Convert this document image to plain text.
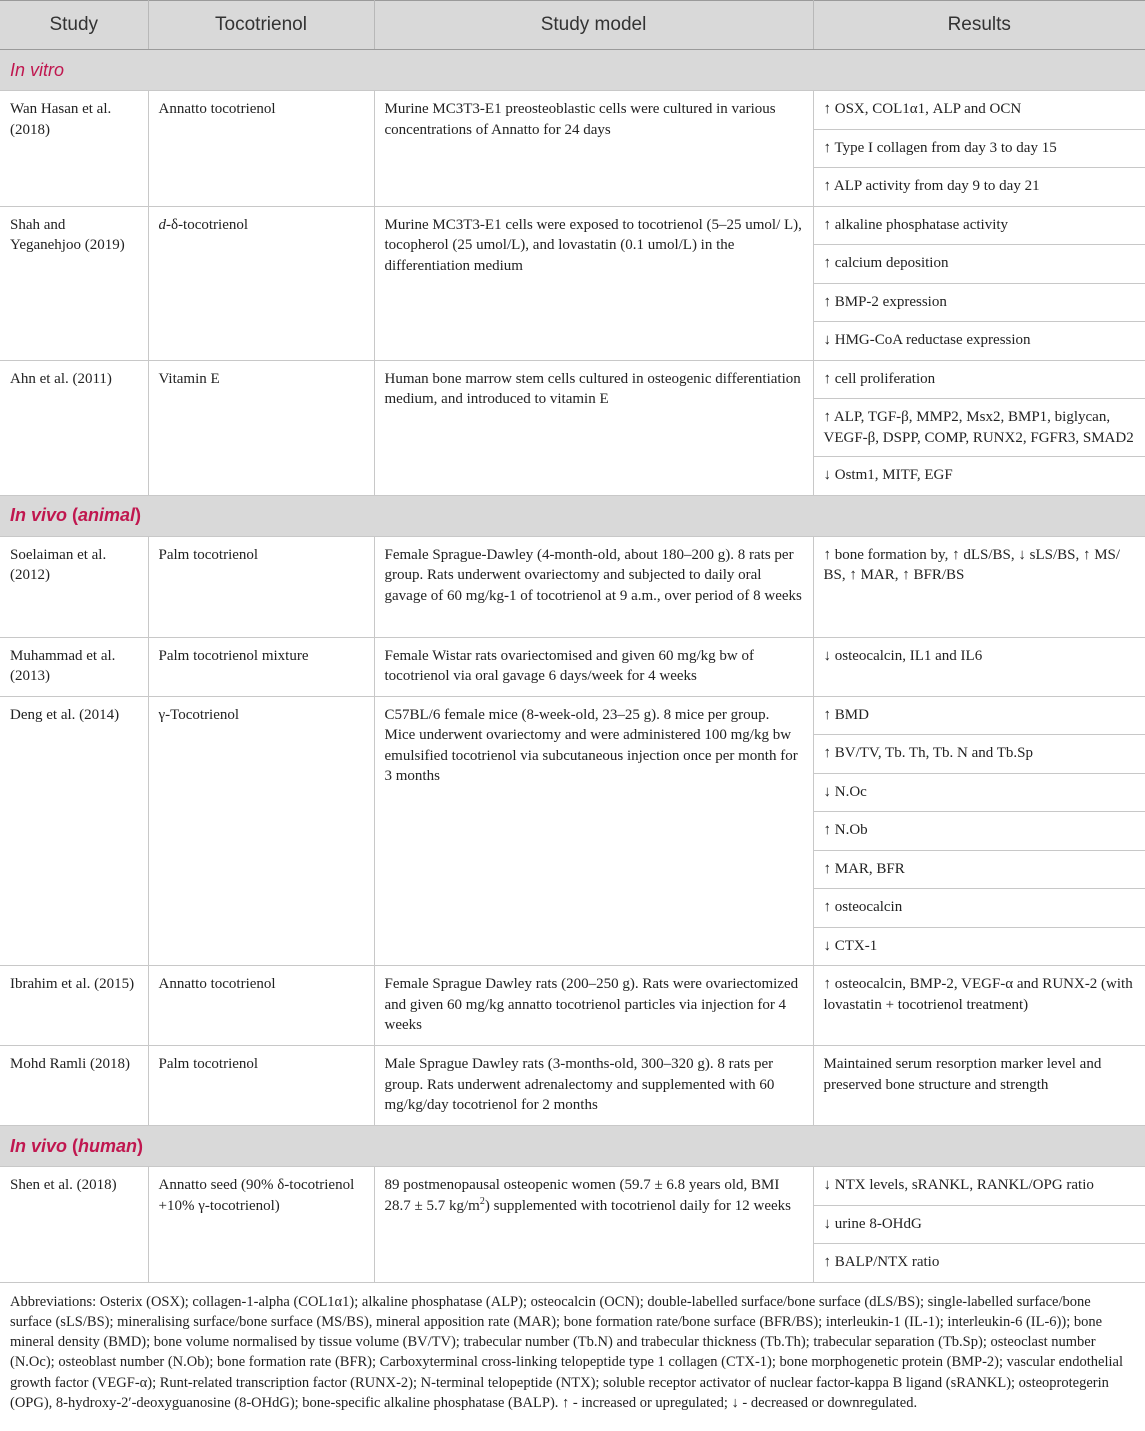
Study	Tocotrienol	Study model	Results
In vitro			
Wan Hasan et al. (2018)	Annatto tocotrienol	Murine MC3T3-E1 preosteoblastic cells were cultured in various concentrations of Annatto for 24 days	↑ OSX, COL1α1, ALP and OCN
			↑ Type I collagen from day 3 to day 15
			↑ ALP activity from day 9 to day 21
Shah and Yeganehjoo (2019)	d-δ-tocotrienol	Murine MC3T3-E1 cells were exposed to tocotrienol (5–25 umol/ L), tocopherol (25 umol/L), and lovastatin (0.1 umol/L) in the differentiation medium	↑ alkaline phosphatase activity
			↑ calcium deposition
			↑ BMP-2 expression
			↓ HMG-CoA reductase expression
Ahn et al. (2011)	Vitamin E	Human bone marrow stem cells cultured in osteogenic differentiation medium, and introduced to vitamin E	↑ cell proliferation
			↑ ALP, TGF-β, MMP2, Msx2, BMP1, biglycan, VEGF-β, DSPP, COMP, RUNX2, FGFR3, SMAD2
			↓ Ostm1, MITF, EGF
In vivo (animal)			
Soelaiman et al. (2012)	Palm tocotrienol	Female Sprague-Dawley (4-month-old, about 180–200 g). 8 rats per group. Rats underwent ovariectomy and subjected to daily oral gavage of 60 mg/kg-1 of tocotrienol at 9 a.m., over period of 8 weeks	↑ bone formation by, ↑ dLS/BS, ↓ sLS/BS, ↑ MS/ BS, ↑ MAR, ↑ BFR/BS
Muhammad et al. (2013)	Palm tocotrienol mixture	Female Wistar rats ovariectomised and given 60 mg/kg bw of tocotrienol via oral gavage 6 days/week for 4 weeks	↓ osteocalcin, IL1 and IL6
Deng et al. (2014)	γ-Tocotrienol	C57BL/6 female mice (8-week-old, 23–25 g). 8 mice per group. Mice underwent ovariectomy and were administered 100 mg/kg bw emulsified tocotrienol via subcutaneous injection once per month for 3 months	↑ BMD
			↑ BV/TV, Tb. Th, Tb. N and Tb.Sp
			↓ N.Oc
			↑ N.Ob
			↑ MAR, BFR
			↑ osteocalcin
			↓ CTX-1
Ibrahim et al. (2015)	Annatto tocotrienol	Female Sprague Dawley rats (200–250 g). Rats were ovariectomized and given 60 mg/kg annatto tocotrienol particles via injection for 4 weeks	↑ osteocalcin, BMP-2, VEGF-α and RUNX-2 (with lovastatin + tocotrienol treatment)
Mohd Ramli (2018)	Palm tocotrienol	Male Sprague Dawley rats (3-months-old, 300–320 g). 8 rats per group. Rats underwent adrenalectomy and supplemented with 60 mg/kg/day tocotrienol for 2 months	Maintained serum resorption marker level and preserved bone structure and strength
In vivo (human)			
Shen et al. (2018)	Annatto seed (90% δ-tocotrienol +10% γ-tocotrienol)	89 postmenopausal osteopenic women (59.7 ± 6.8 years old, BMI 28.7 ± 5.7 $kg/m^2$) supplemented with tocotrienol daily for 12 weeks	↓ NTX levels, sRANKL, RANKL/OPG ratio
			↓ urine 8-OHdG
			↑ BALP/NTX ratio
Abbreviations: Osterix (OSX); collagen-1-alpha (COL1α1); alkaline phosphatase (ALP); osteocalcin (OCN); double-labelled surface/bone surface (dLS/BS); single-labelled surface/bone surface (sLS/BS); mineralising surface/bone surface (MS/BS), mineral apposition rate (MAR); bone formation rate/bone surface (BFR/BS); interleukin-1 (IL-1); interleukin-6 (IL-6)); bone mineral density (BMD); bone volume normalised by tissue volume (BV/TV); trabecular number (Tb.N) and trabecular thickness (Tb.Th); trabecular separation (Tb.Sp); osteoclast number (N.Oc); osteoblast number (N.Ob); bone formation rate (BFR); Carboxyterminal cross-linking telopeptide type 1 collagen (CTX-1); bone morphogenetic protein (BMP-2); vascular endothelial growth factor (VEGF-α); Runt-related transcription factor (RUNX-2); N-terminal telopeptide (NTX); soluble receptor activator of nuclear factor-kappa B ligand (sRANKL); osteoprotegerin (OPG), 8-hydroxy-2′-deoxyguanosine (8-OHdG); bone-specific alkaline phosphatase (BALP). ↑ - increased or upregulated; ↓ - decreased or downregulated.
